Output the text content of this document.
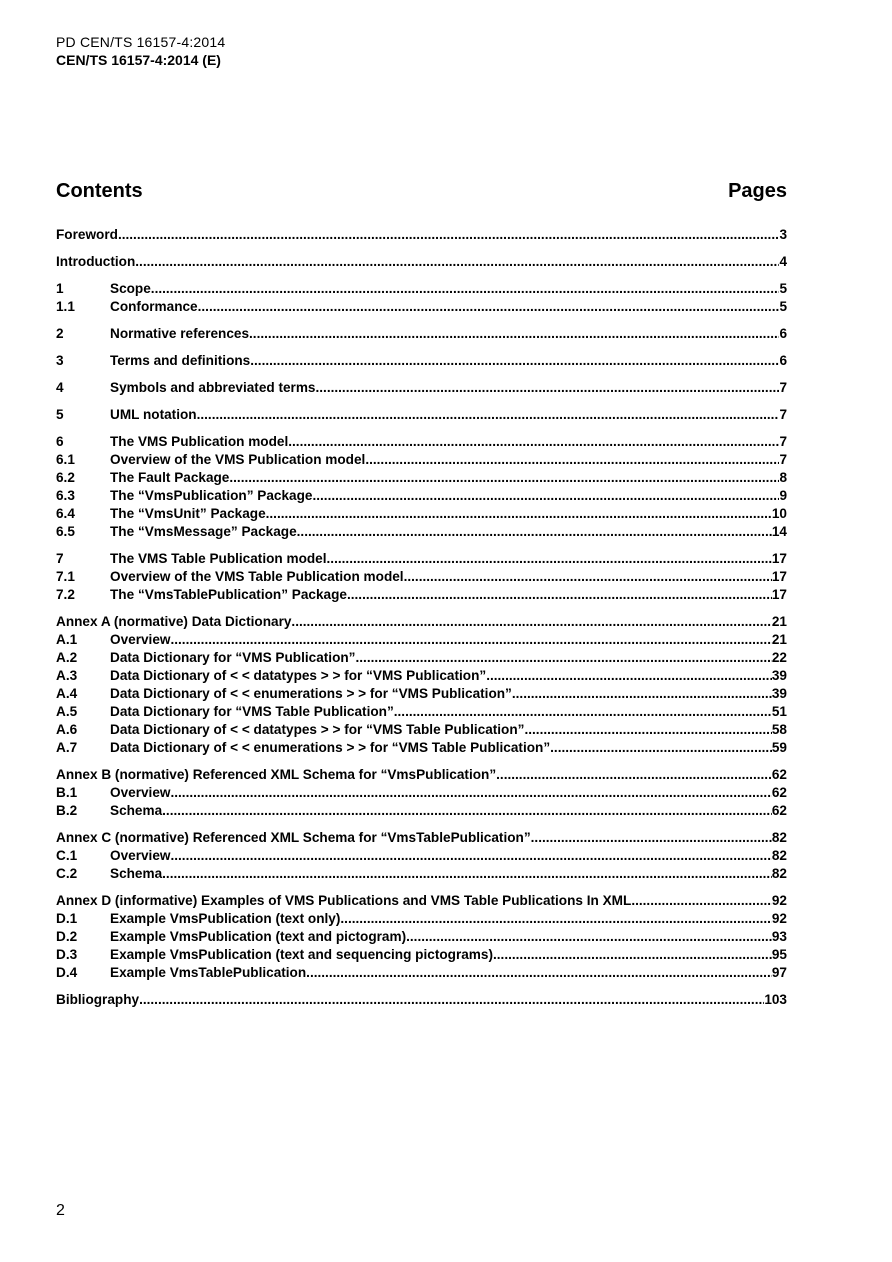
PD CEN/TS 16157-4:2014
CEN/TS 16157-4:2014 (E)
Contents	Pages
Foreword .....	3
Introduction .....	4
1	Scope .....	5
1.1	Conformance .....	5
2	Normative references .....	6
3	Terms and definitions .....	6
4	Symbols and abbreviated terms .....	7
5	UML notation .....	7
6	The VMS Publication model .....	7
6.1	Overview of the VMS Publication model .....	7
6.2	The Fault Package .....	8
6.3	The “VmsPublication” Package .....	9
6.4	The “VmsUnit” Package .....	10
6.5	The “VmsMessage” Package .....	14
7	The VMS Table Publication model .....	17
7.1	Overview of the VMS Table Publication model .....	17
7.2	The “VmsTablePublication” Package .....	17
Annex A (normative) Data Dictionary .....	21
A.1	Overview .....	21
A.2	Data Dictionary for “VMS Publication” .....	22
A.3	Data Dictionary of < < datatypes > > for “VMS Publication” .....	39
A.4	Data Dictionary of < < enumerations > > for “VMS Publication” .....	39
A.5	Data Dictionary for “VMS Table Publication” .....	51
A.6	Data Dictionary of < < datatypes > > for “VMS Table Publication” .....	58
A.7	Data Dictionary of < < enumerations > > for “VMS Table Publication” .....	59
Annex B (normative) Referenced XML Schema for “VmsPublication” .....	62
B.1	Overview .....	62
B.2	Schema .....	62
Annex C (normative) Referenced XML Schema for “VmsTablePublication” .....	82
C.1	Overview .....	82
C.2	Schema .....	82
Annex D (informative) Examples of VMS Publications and VMS Table Publications In XML .....	92
D.1	Example VmsPublication (text only) .....	92
D.2	Example VmsPublication (text and pictogram) .....	93
D.3	Example VmsPublication (text and sequencing pictograms) .....	95
D.4	Example VmsTablePublication .....	97
Bibliography .....	103
2
